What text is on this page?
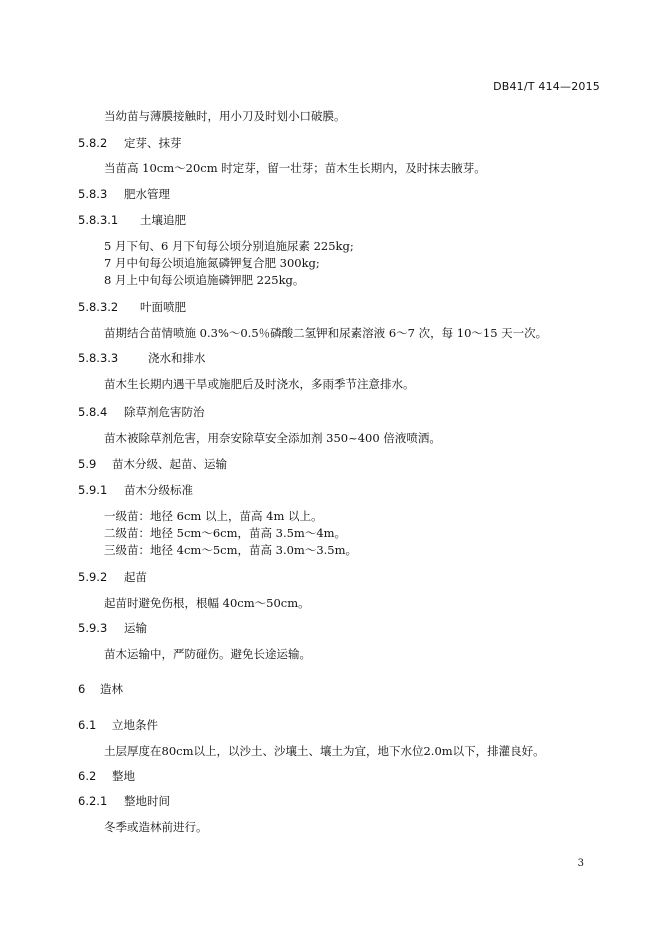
DB41/T 414—2015
当幼苗与薄膜接触时，用小刀及时划小口破膜。
5.8.2 定芽、抹芽
当苗高 10cm～20cm 时定芽，留一壮芽；苗木生长期内，及时抹去腋芽。
5.8.3 肥水管理
5.8.3.1 土壤追肥
5 月下旬、6 月下旬每公顷分别追施尿素 225kg;
7 月中旬每公顷追施氮磷钾复合肥 300kg;
8 月上中旬每公顷追施磷钾肥 225kg。
5.8.3.2 叶面喷肥
苗期结合苗情喷施 0.3%～0.5％磷酸二氢钾和尿素溶液 6～7 次，每 10～15 天一次。
5.8.3.3	浇水和排水
苗木生长期内遇干旱或施肥后及时浇水，多雨季节注意排水。
5.8.4 除草剂危害防治
苗木被除草剂危害，用奈安除草安全添加剂 350~400 倍液喷洒。
5.9 苗木分级、起苗、运输
5.9.1 苗木分级标准
一级苗：地径 6cm 以上，苗高 4m 以上。
二级苗：地径 5cm～6cm，苗高 3.5m～4m。
三级苗：地径 4cm～5cm，苗高 3.0m～3.5m。
5.9.2 起苗
起苗时避免伤根，根幅 40cm～50cm。
5.9.3 运输
苗木运输中，严防碰伤。避免长途运输。
6 造林
6.1 立地条件
土层厚度在80cm以上，以沙土、沙壤土、壤土为宜，地下水位2.0m以下，排灌良好。
6.2 整地
6.2.1 整地时间
冬季或造林前进行。
3
